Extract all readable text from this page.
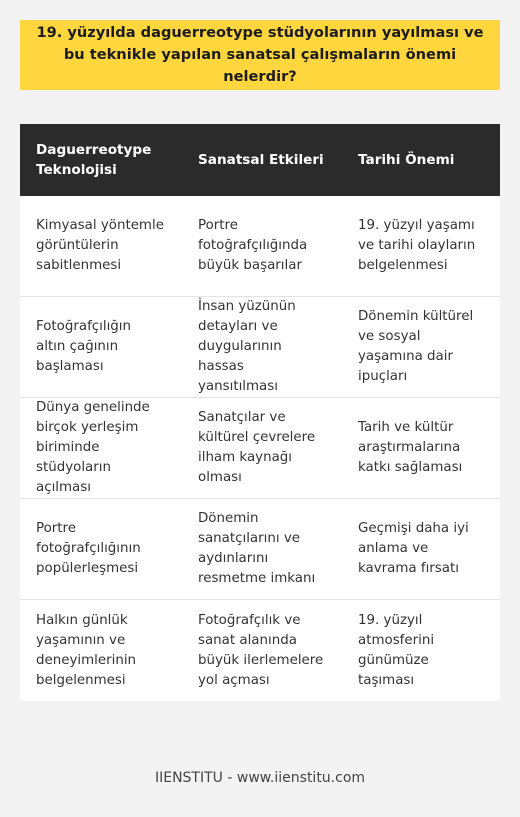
19. yüzyılda daguerreotype stüdyolarının yayılması ve bu teknikle yapılan sanatsal çalışmaların önemi nelerdir?
Daguerreotype Teknolojisi
Sanatsal Etkileri	Tarihi Önemi
Kimyasal yöntemle görüntülerin sabitlenmesi
Portre fotoğrafçılığında büyük başarılar
19. yüzyıl yaşamı ve tarihi olayların belgelenmesi
Fotoğrafçılığın altın çağının başlaması
İnsan yüzünün detayları ve duygularının hassas yansıtılması
Dönemin kültürel ve sosyal yaşamına dair ipuçları
Dünya genelinde birçok yerleşim biriminde stüdyoların açılması
Sanatçılar ve kültürel çevrelere ilham kaynağı olması
Tarih ve kültür araştırmalarına katkı sağlaması
Portre fotoğrafçılığının popülerleşmesi
Dönemin sanatçılarını ve aydınlarını resmetme imkanı
Geçmişi daha iyi anlama ve kavrama fırsatı
Halkın günlük yaşamının ve deneyimlerinin belgelenmesi
Fotoğrafçılık ve sanat alanında büyük ilerlemelere yol açması
19. yüzyıl atmosferini günümüze taşıması
IIENSTITU - www.iienstitu.com
